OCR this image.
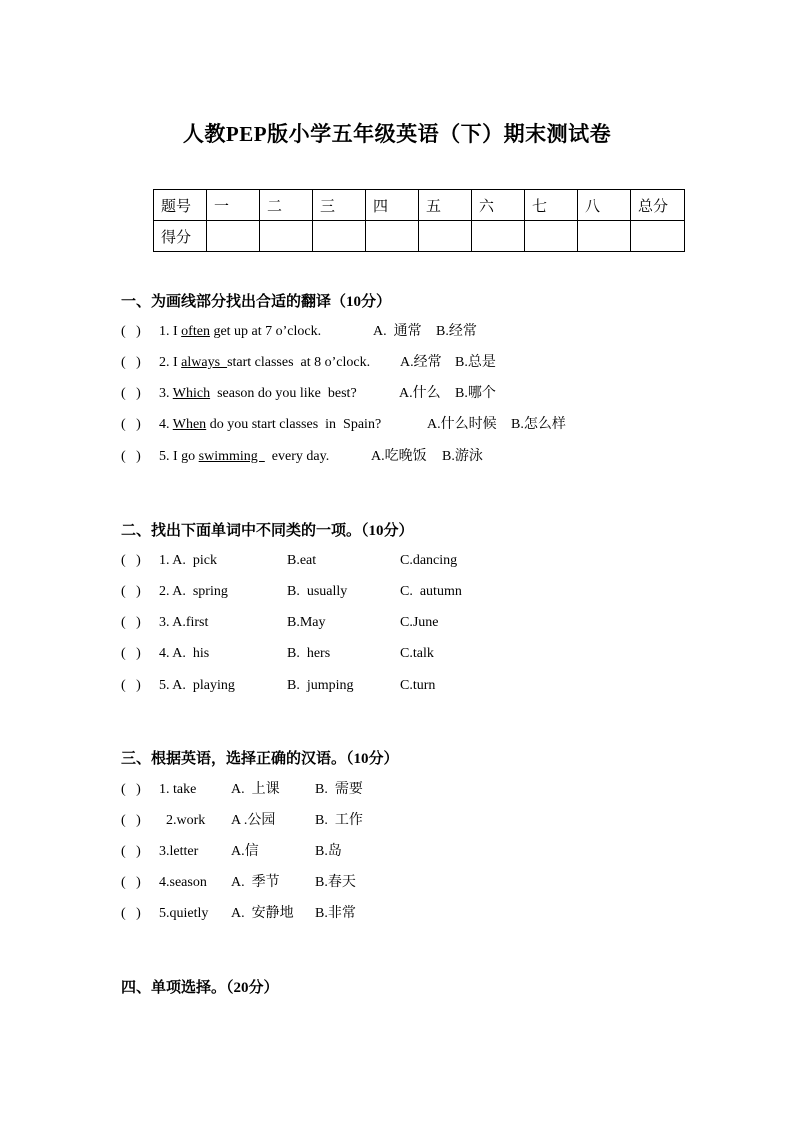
人教PEP版小学五年级英语（下）期末测试卷
题号	一	二	三	四	五	六	七	八	总分
得分									
一、为画线部分找出合适的翻译（10分）
(   ) 1. I often get up at 7 o’clock.	A.  通常 B.经常
(   ) 2. I always  start classes  at 8 o’clock. A.经常 B.总是
(   ) 3. Which  season do you like  best?	A.什么 B.哪个
(   ) 4. When do you start classes  in  Spain?	A.什么时候 B.怎么样
(   ) 5. I go swimming    every day.	A.吃晚饭 B.游泳
二、找出下面单词中不同类的一项。（10分）
(   ) 1. A.  pick	B.eat	C.dancing
(   ) 2. A.  spring	B.  usually	C.  autumn
(   ) 3. A.first	B.May	C.June
(   ) 4. A.  his	B.  hers	C.talk
(   ) 5. A.  playing	B.  jumping	C.turn
三、根据英语，选择正确的汉语。（10分）
(   ) 1. take A.  上课	B.  需要
(   ) 2.work A .公园	B.  工作
(   ) 3.letter A.信	B.岛
(   ) 4.season A.  季节	B.春天
(   ) 5.quietly A.  安静地 B.非常
四、单项选择。（20分）
